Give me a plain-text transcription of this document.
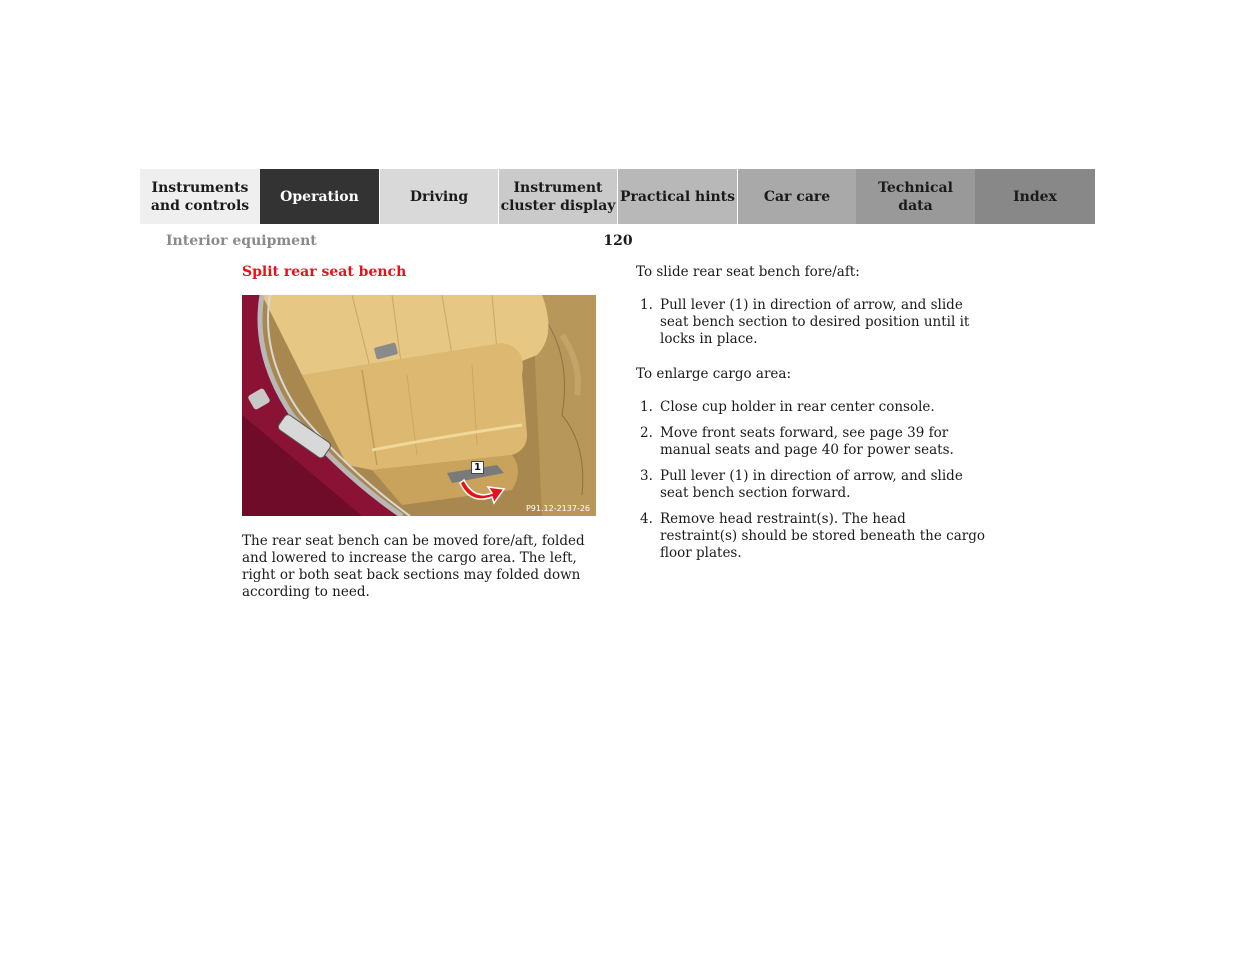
Instruments
and controls
Operation	Driving
Instrument
cluster display
Practical hints	Car care
Technical
data
Index
Interior equipment	120
Split rear seat bench
1
P91.12-2137-26

The rear seat bench can be moved fore/aft, folded and lowered to increase the cargo area. The left, right or both seat back sections may folded down according to need.

To slide rear seat bench fore/aft:

1. Pull lever (1) in direction of arrow, and slide seat bench section to desired position until it locks in place.

To enlarge cargo area:

1. Close cup holder in rear center console.
2. Move front seats forward, see page 39 for manual seats and page 40 for power seats.
3. Pull lever (1) in direction of arrow, and slide seat bench section forward.
4. Remove head restraint(s). The head restraint(s) should be stored beneath the cargo floor plates.
